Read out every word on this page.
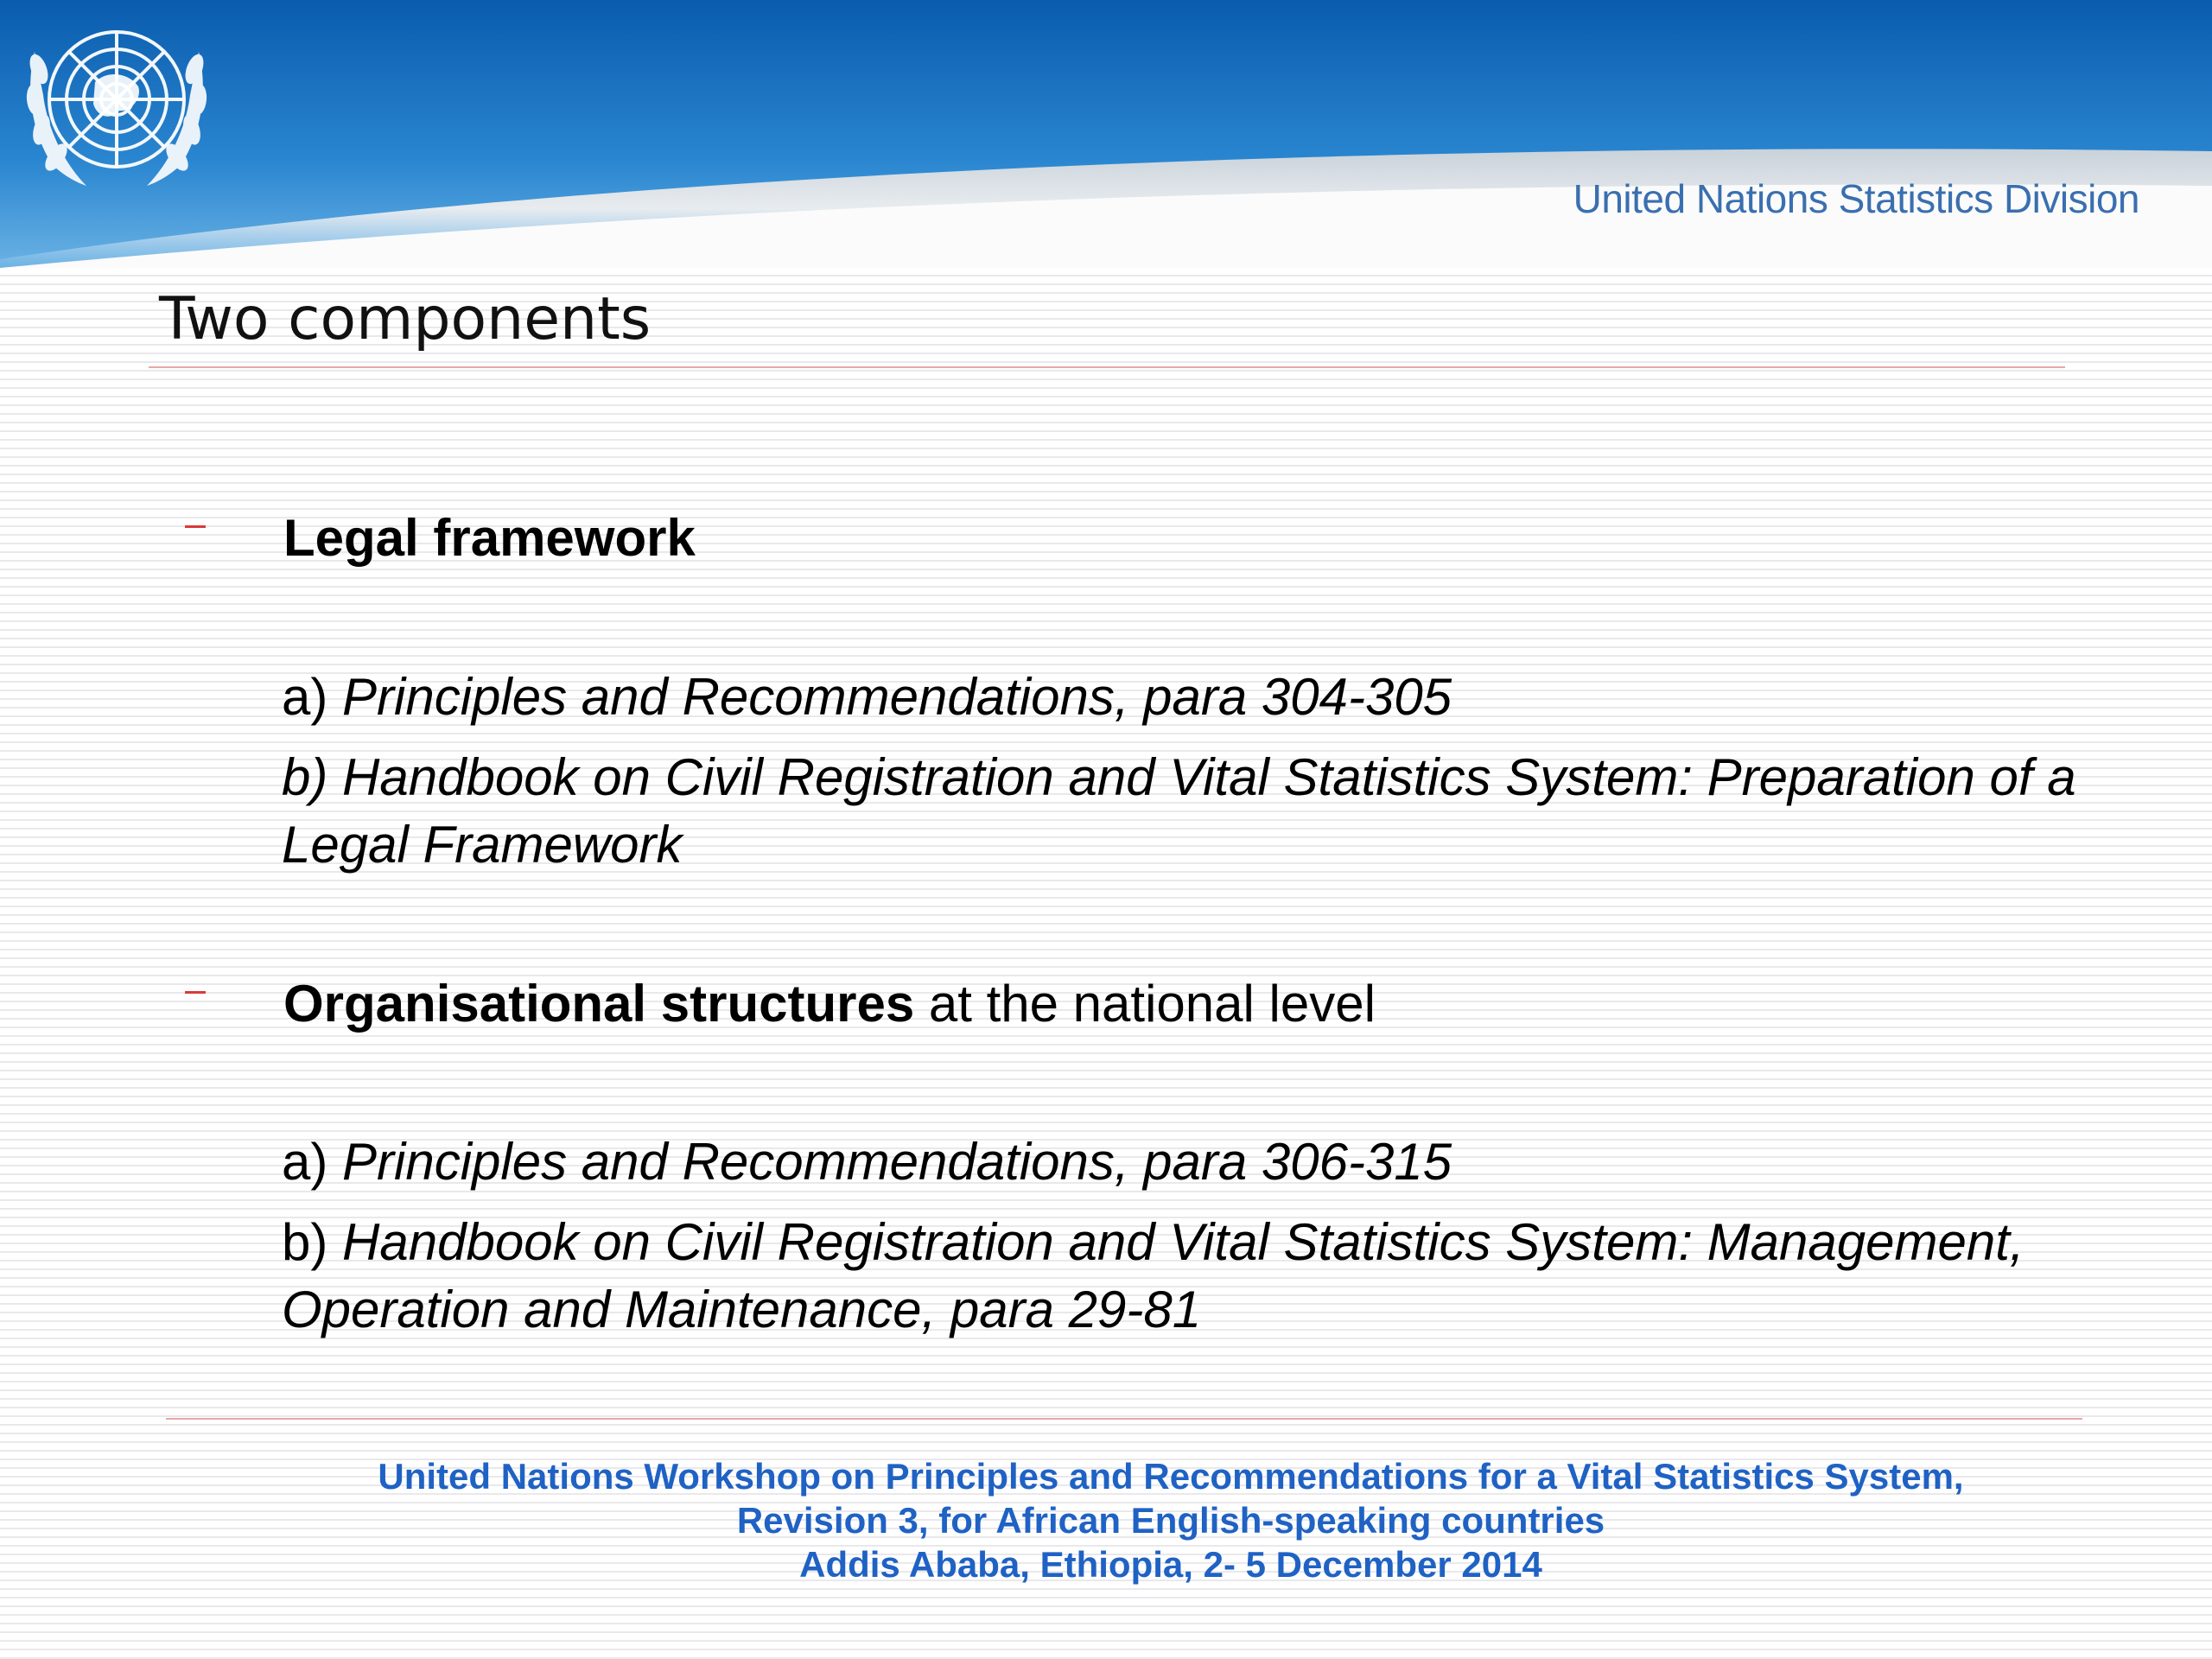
United Nations Statistics Division
Two components
Legal framework
a) Principles and Recommendations, para 304-305
b) Handbook on Civil Registration and Vital Statistics System: Preparation of a Legal Framework
Organisational structures at the national level
a) Principles and Recommendations, para 306-315
b) Handbook on Civil Registration and Vital Statistics System: Management, Operation and Maintenance, para 29-81
United Nations Workshop on Principles and Recommendations for a Vital Statistics System,
Revision 3, for African English-speaking countries
Addis Ababa, Ethiopia, 2- 5 December 2014
